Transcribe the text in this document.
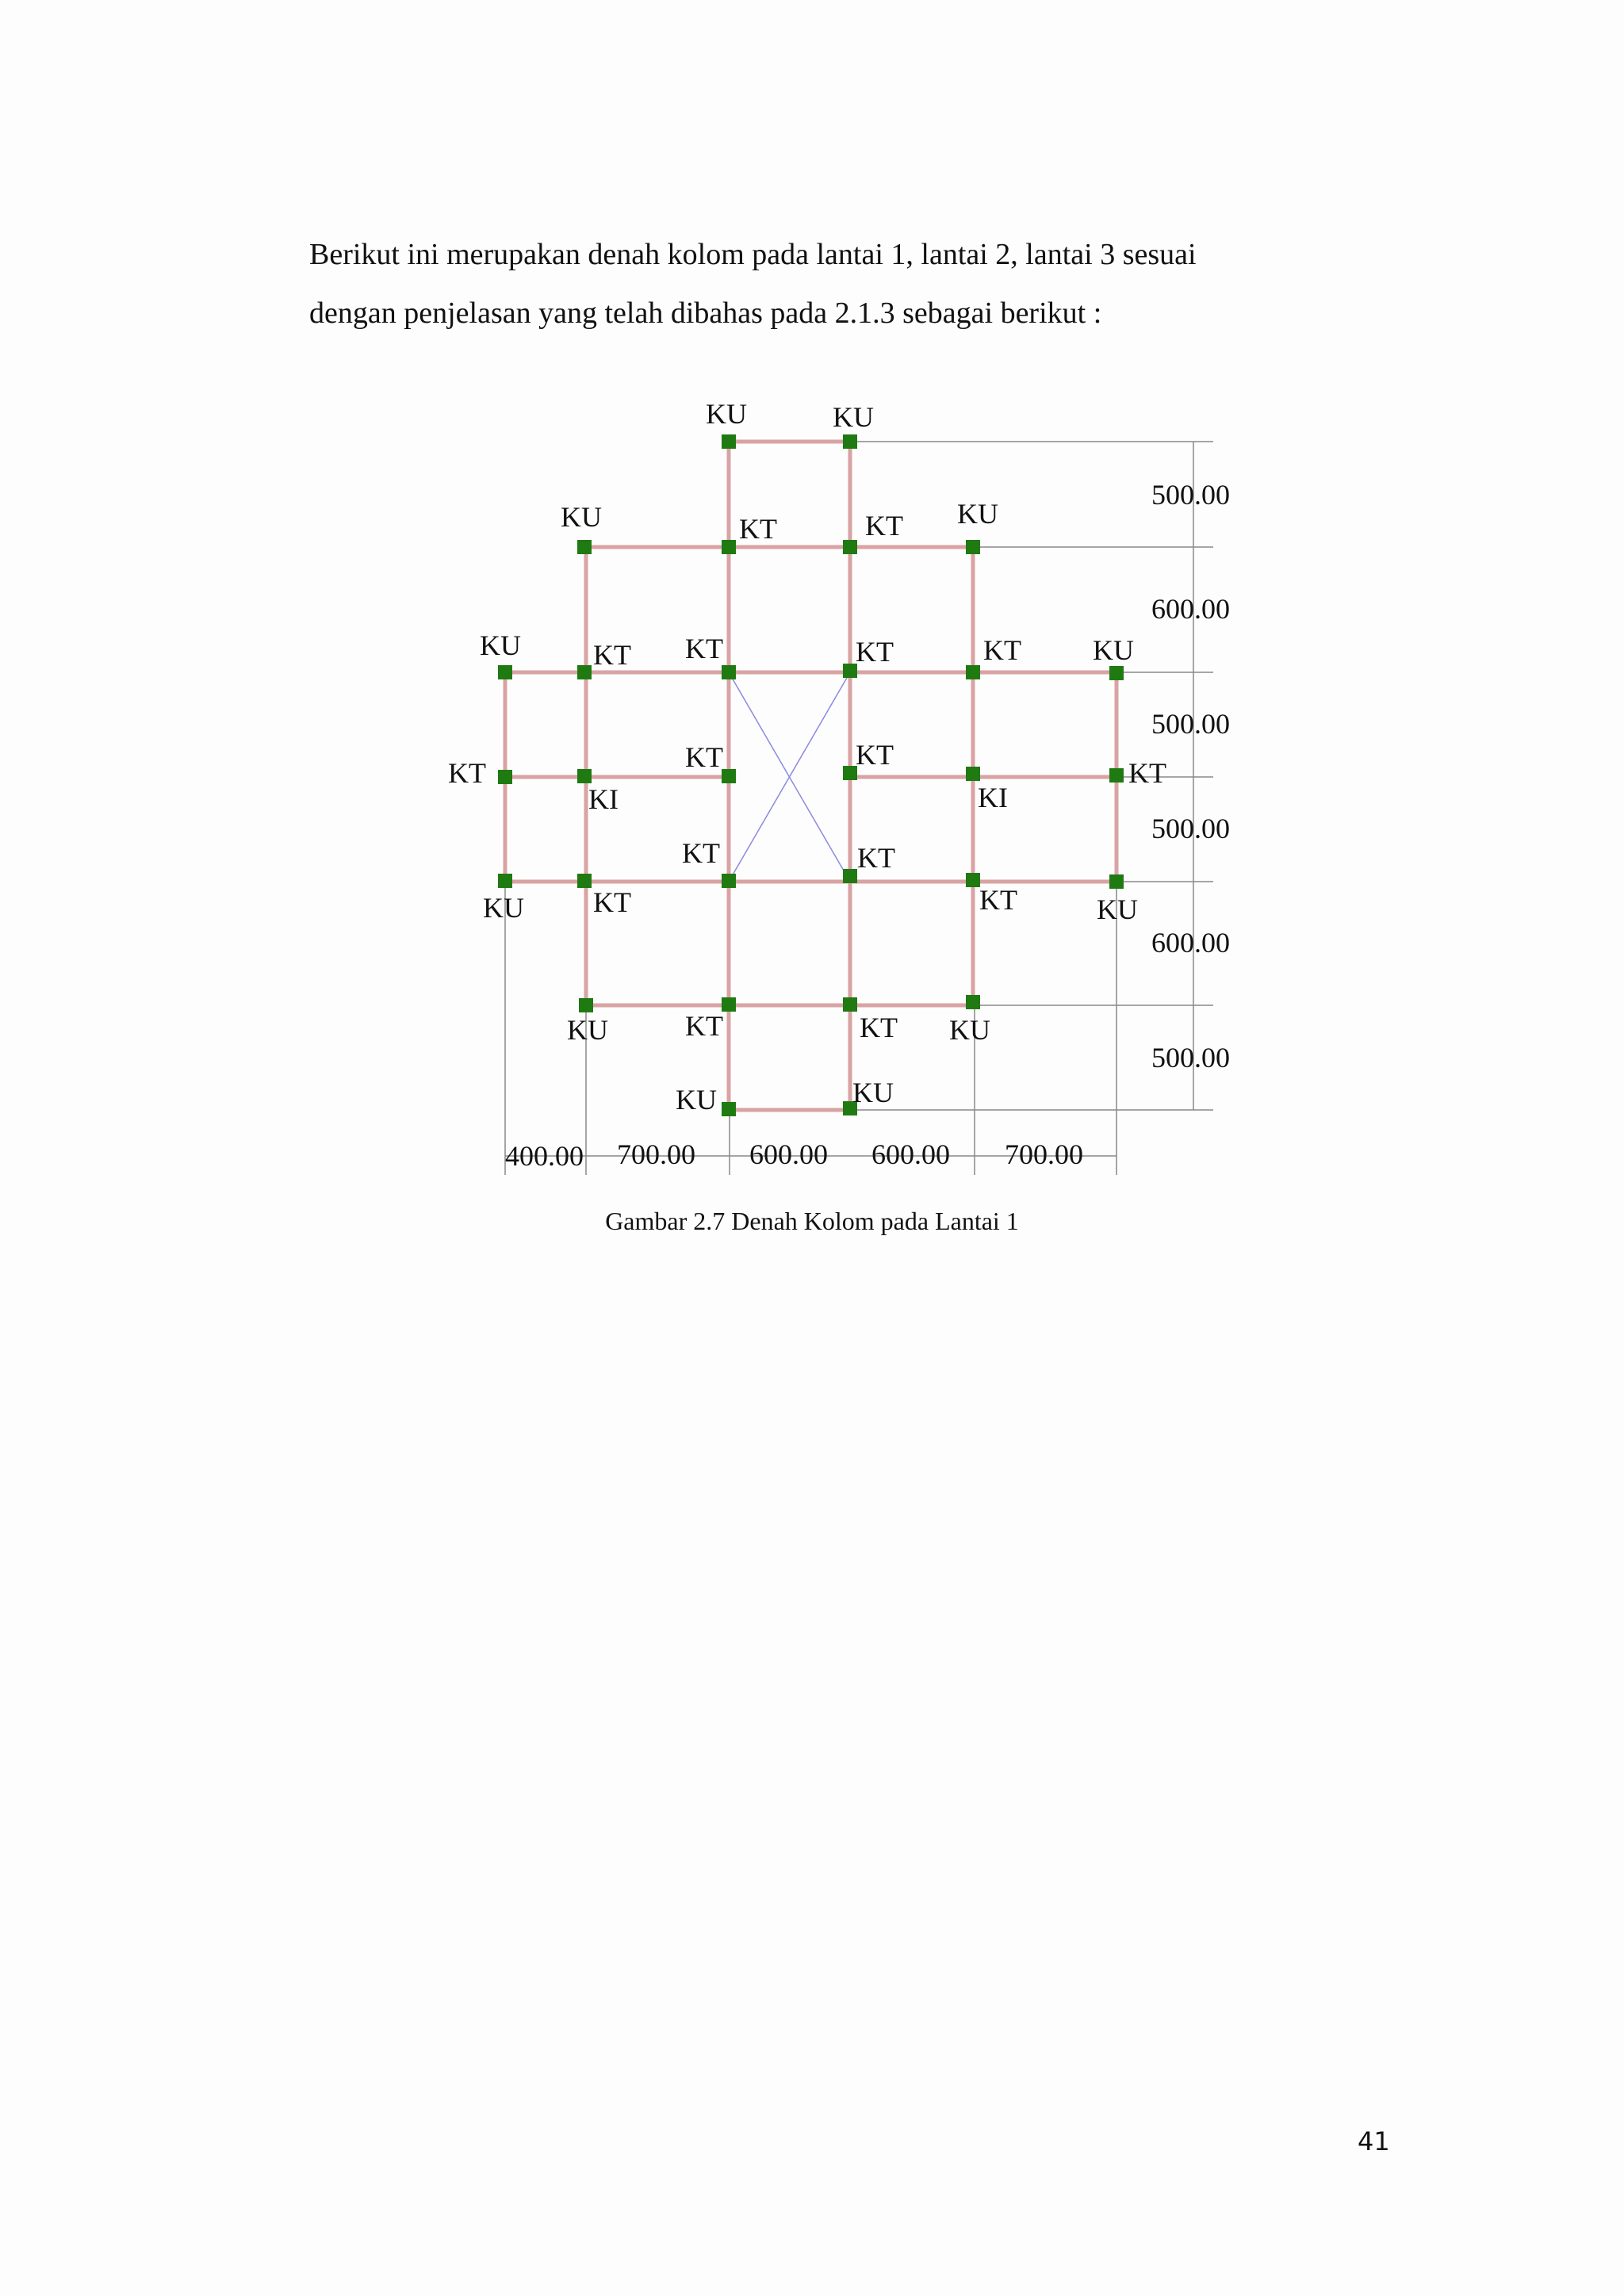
Berikut ini merupakan denah kolom pada lantai 1, lantai 2, lantai 3 sesuai
dengan penjelasan yang telah dibahas pada 2.1.3 sebagai berikut :

KU	KU
KU	KT	KT KU
KU	KT KT	KT	KT	KU
KT
KI
KT	KT
KI
KT
KU KT
KT	KT
KT	KU
KU	KT	KT KU
KU	KU
500.00
600.00
500.00
500.00
600.00
500.00
400.00 700.00 600.00 600.00 700.00
Gambar 2.7 Denah Kolom pada Lantai 1
41
